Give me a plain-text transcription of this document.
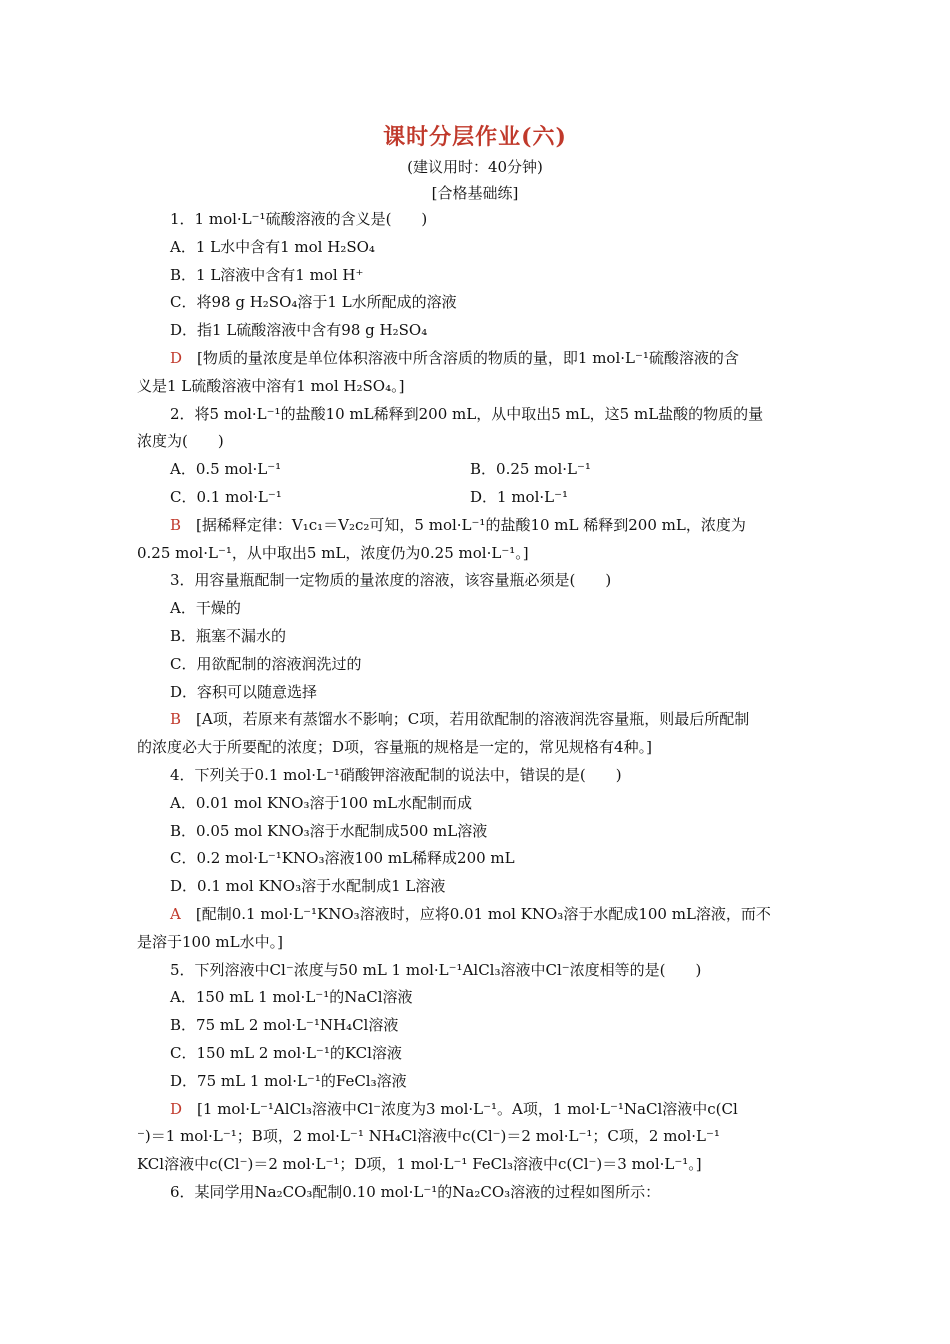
课时分层作业(六)
(建议用时：40分钟)
[合格基础练]
1．1 mol·L⁻¹硫酸溶液的含义是(　　)
A．1 L水中含有1 mol H₂SO₄
B．1 L溶液中含有1 mol H⁺
C．将98 g H₂SO₄溶于1 L水所配成的溶液
D．指1 L硫酸溶液中含有98 g H₂SO₄
D　 [物质的量浓度是单位体积溶液中所含溶质的物质的量，即1 mol·L⁻¹硫酸溶液的含
义是1 L硫酸溶液中溶有1 mol H₂SO₄。]
2．将5 mol·L⁻¹的盐酸10 mL稀释到200 mL，从中取出5 mL，这5 mL盐酸的物质的量
浓度为(　　)
A．0.5 mol·L⁻¹	B．0.25 mol·L⁻¹
C．0.1 mol·L⁻¹	D．1 mol·L⁻¹
B　 [据稀释定律：V₁c₁＝V₂c₂可知，5 mol·L⁻¹的盐酸10 mL 稀释到200 mL，浓度为
0.25 mol·L⁻¹，从中取出5 mL，浓度仍为0.25 mol·L⁻¹。]
3．用容量瓶配制一定物质的量浓度的溶液，该容量瓶必须是(　　)
A．干燥的
B．瓶塞不漏水的
C．用欲配制的溶液润洗过的
D．容积可以随意选择
B　 [A项，若原来有蒸馏水不影响；C项，若用欲配制的溶液润洗容量瓶，则最后所配制
的浓度必大于所要配的浓度；D项，容量瓶的规格是一定的，常见规格有4种。]
4．下列关于0.1 mol·L⁻¹硝酸钾溶液配制的说法中，错误的是(　　)
A．0.01 mol KNO₃溶于100 mL水配制而成
B．0.05 mol KNO₃溶于水配制成500 mL溶液
C．0.2 mol·L⁻¹KNO₃溶液100 mL稀释成200 mL
D．0.1 mol KNO₃溶于水配制成1 L溶液
A　 [配制0.1 mol·L⁻¹KNO₃溶液时，应将0.01 mol KNO₃溶于水配成100 mL溶液，而不
是溶于100 mL水中。]
5．下列溶液中Cl⁻浓度与50 mL 1 mol·L⁻¹AlCl₃溶液中Cl⁻浓度相等的是(　　)
A．150 mL 1 mol·L⁻¹的NaCl溶液
B．75 mL 2 mol·L⁻¹NH₄Cl溶液
C．150 mL 2 mol·L⁻¹的KCl溶液
D．75 mL 1 mol·L⁻¹的FeCl₃溶液
D　 [1 mol·L⁻¹AlCl₃溶液中Cl⁻浓度为3 mol·L⁻¹。A项，1 mol·L⁻¹NaCl溶液中c(Cl
⁻)＝1 mol·L⁻¹；B项，2 mol·L⁻¹ NH₄Cl溶液中c(Cl⁻)＝2 mol·L⁻¹；C项，2 mol·L⁻¹
KCl溶液中c(Cl⁻)＝2 mol·L⁻¹；D项，1 mol·L⁻¹ FeCl₃溶液中c(Cl⁻)＝3 mol·L⁻¹。]
6．某同学用Na₂CO₃配制0.10 mol·L⁻¹的Na₂CO₃溶液的过程如图所示：
